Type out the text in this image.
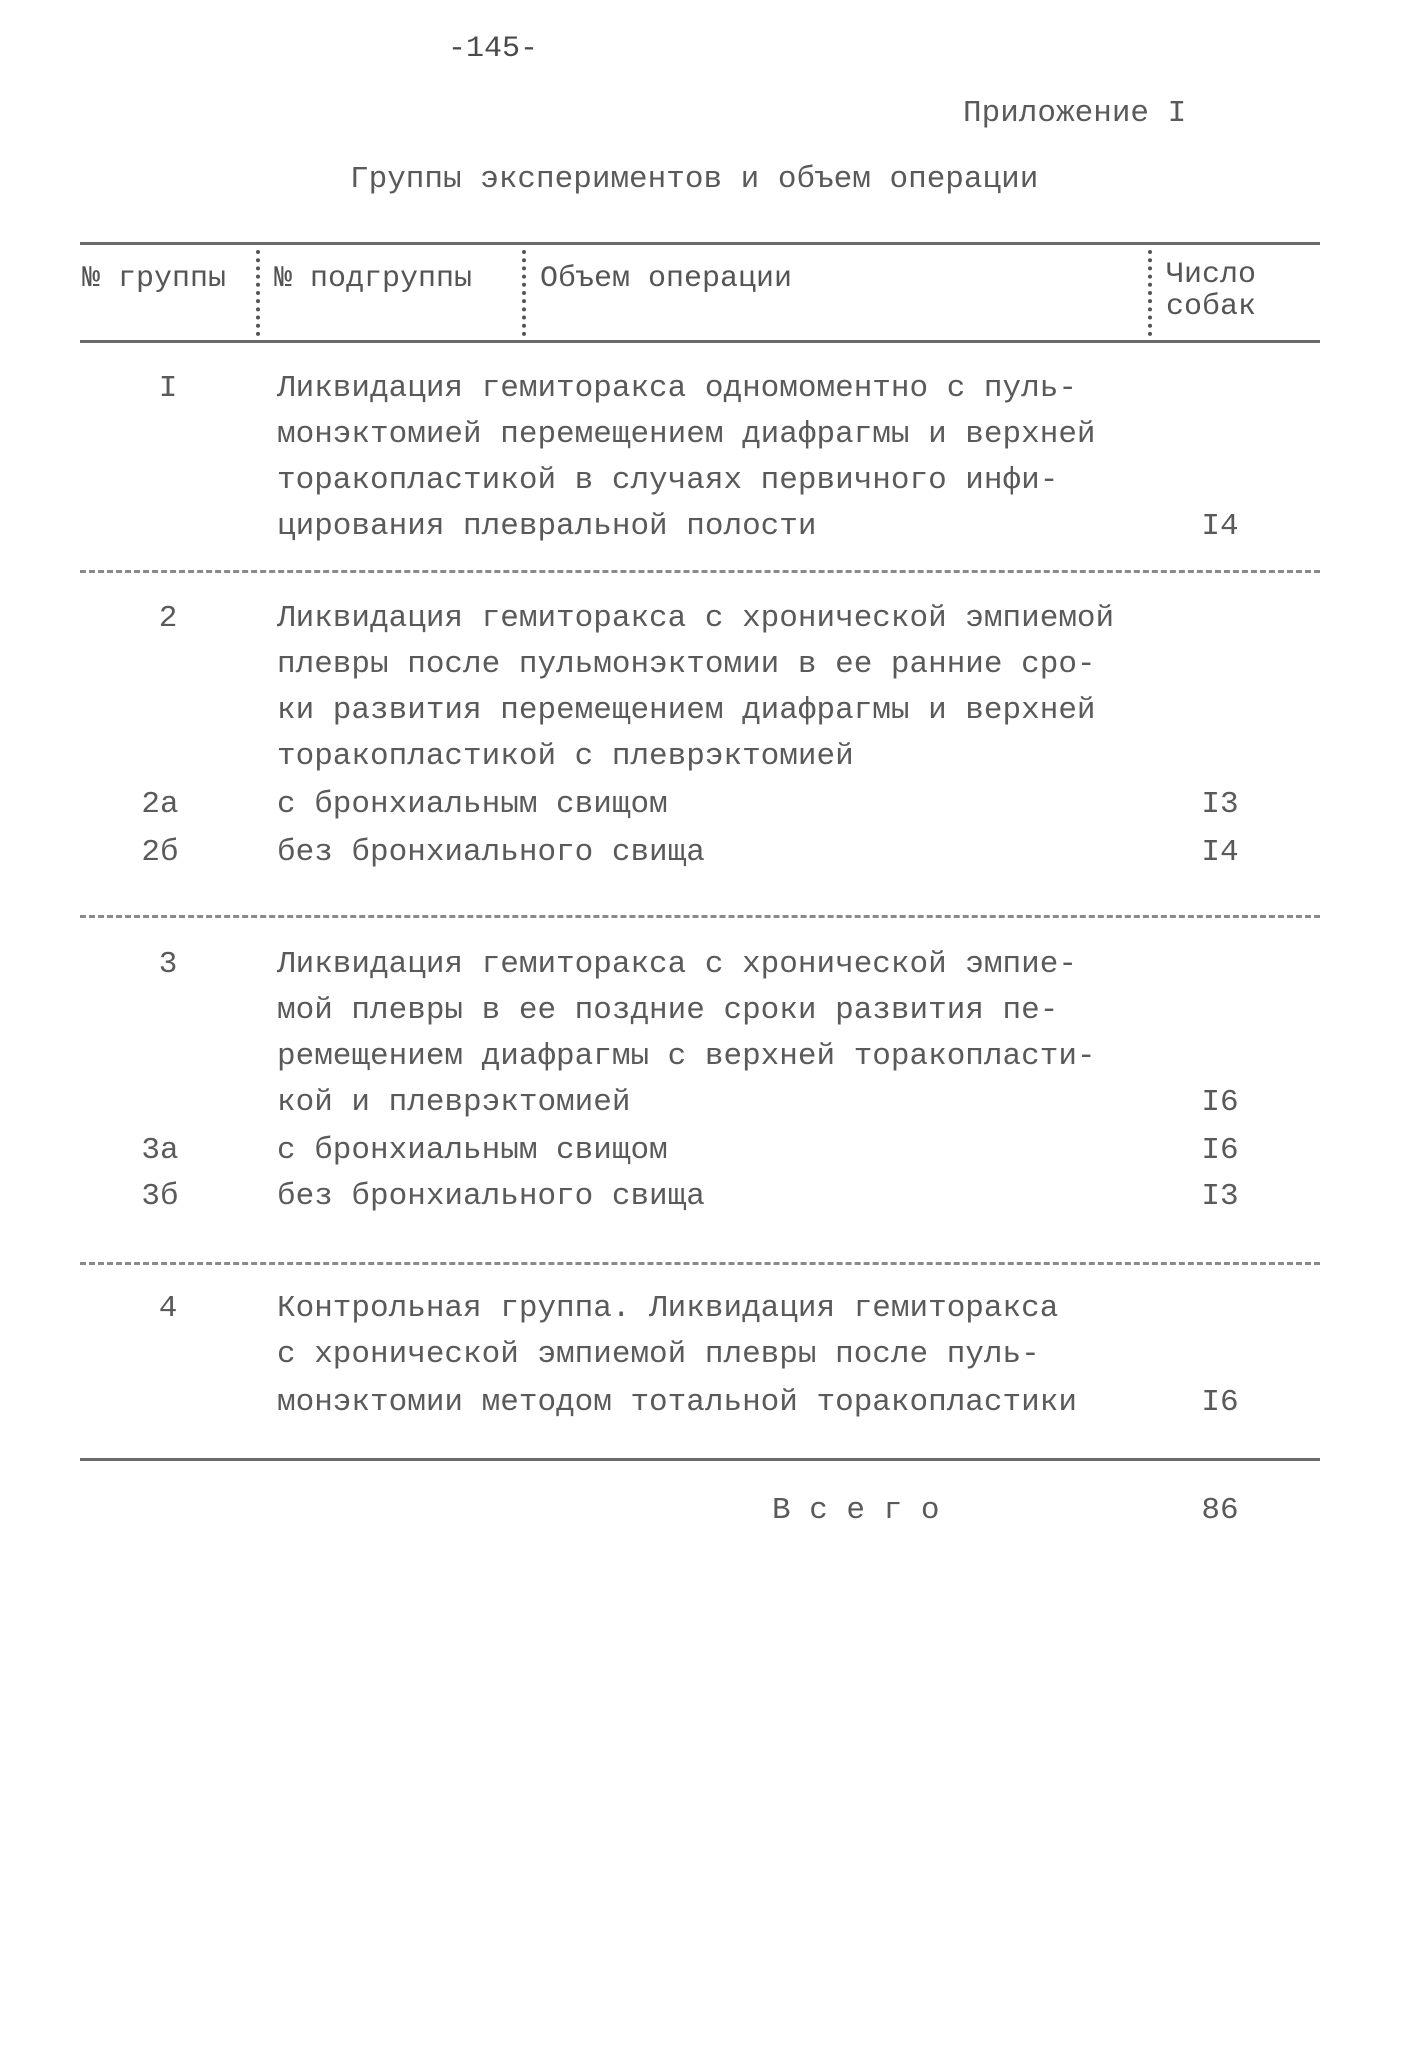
-145-
Приложение I
Группы экспериментов и объем операции
№ группы № подгруппы Объем операции	Число
собак
I	Ликвидация гемиторакса одномоментно с пуль-
монэктомией перемещением диафрагмы и верхней
торакопластикой в случаях первичного инфи-
цирования плевральной полости	I4
2	Ликвидация гемиторакса с хронической эмпиемой
плевры после пульмонэктомии в ее ранние сро-
ки развития перемещением диафрагмы и верхней
торакопластикой с плеврэктомией
2а	с бронхиальным свищом	I3
2б	без бронхиального свища	I4
3	Ликвидация гемиторакса с хронической эмпие-
мой плевры в ее поздние сроки развития пе-
ремещением диафрагмы с верхней торакопласти-
кой и плеврэктомией	I6
3а	с бронхиальным свищом	I6
3б	без бронхиального свища	I3
4	Контрольная группа. Ликвидация гемиторакса
с хронической эмпиемой плевры после пуль-
монэктомии методом тотальной торакопластики	I6
В с е г о	86
